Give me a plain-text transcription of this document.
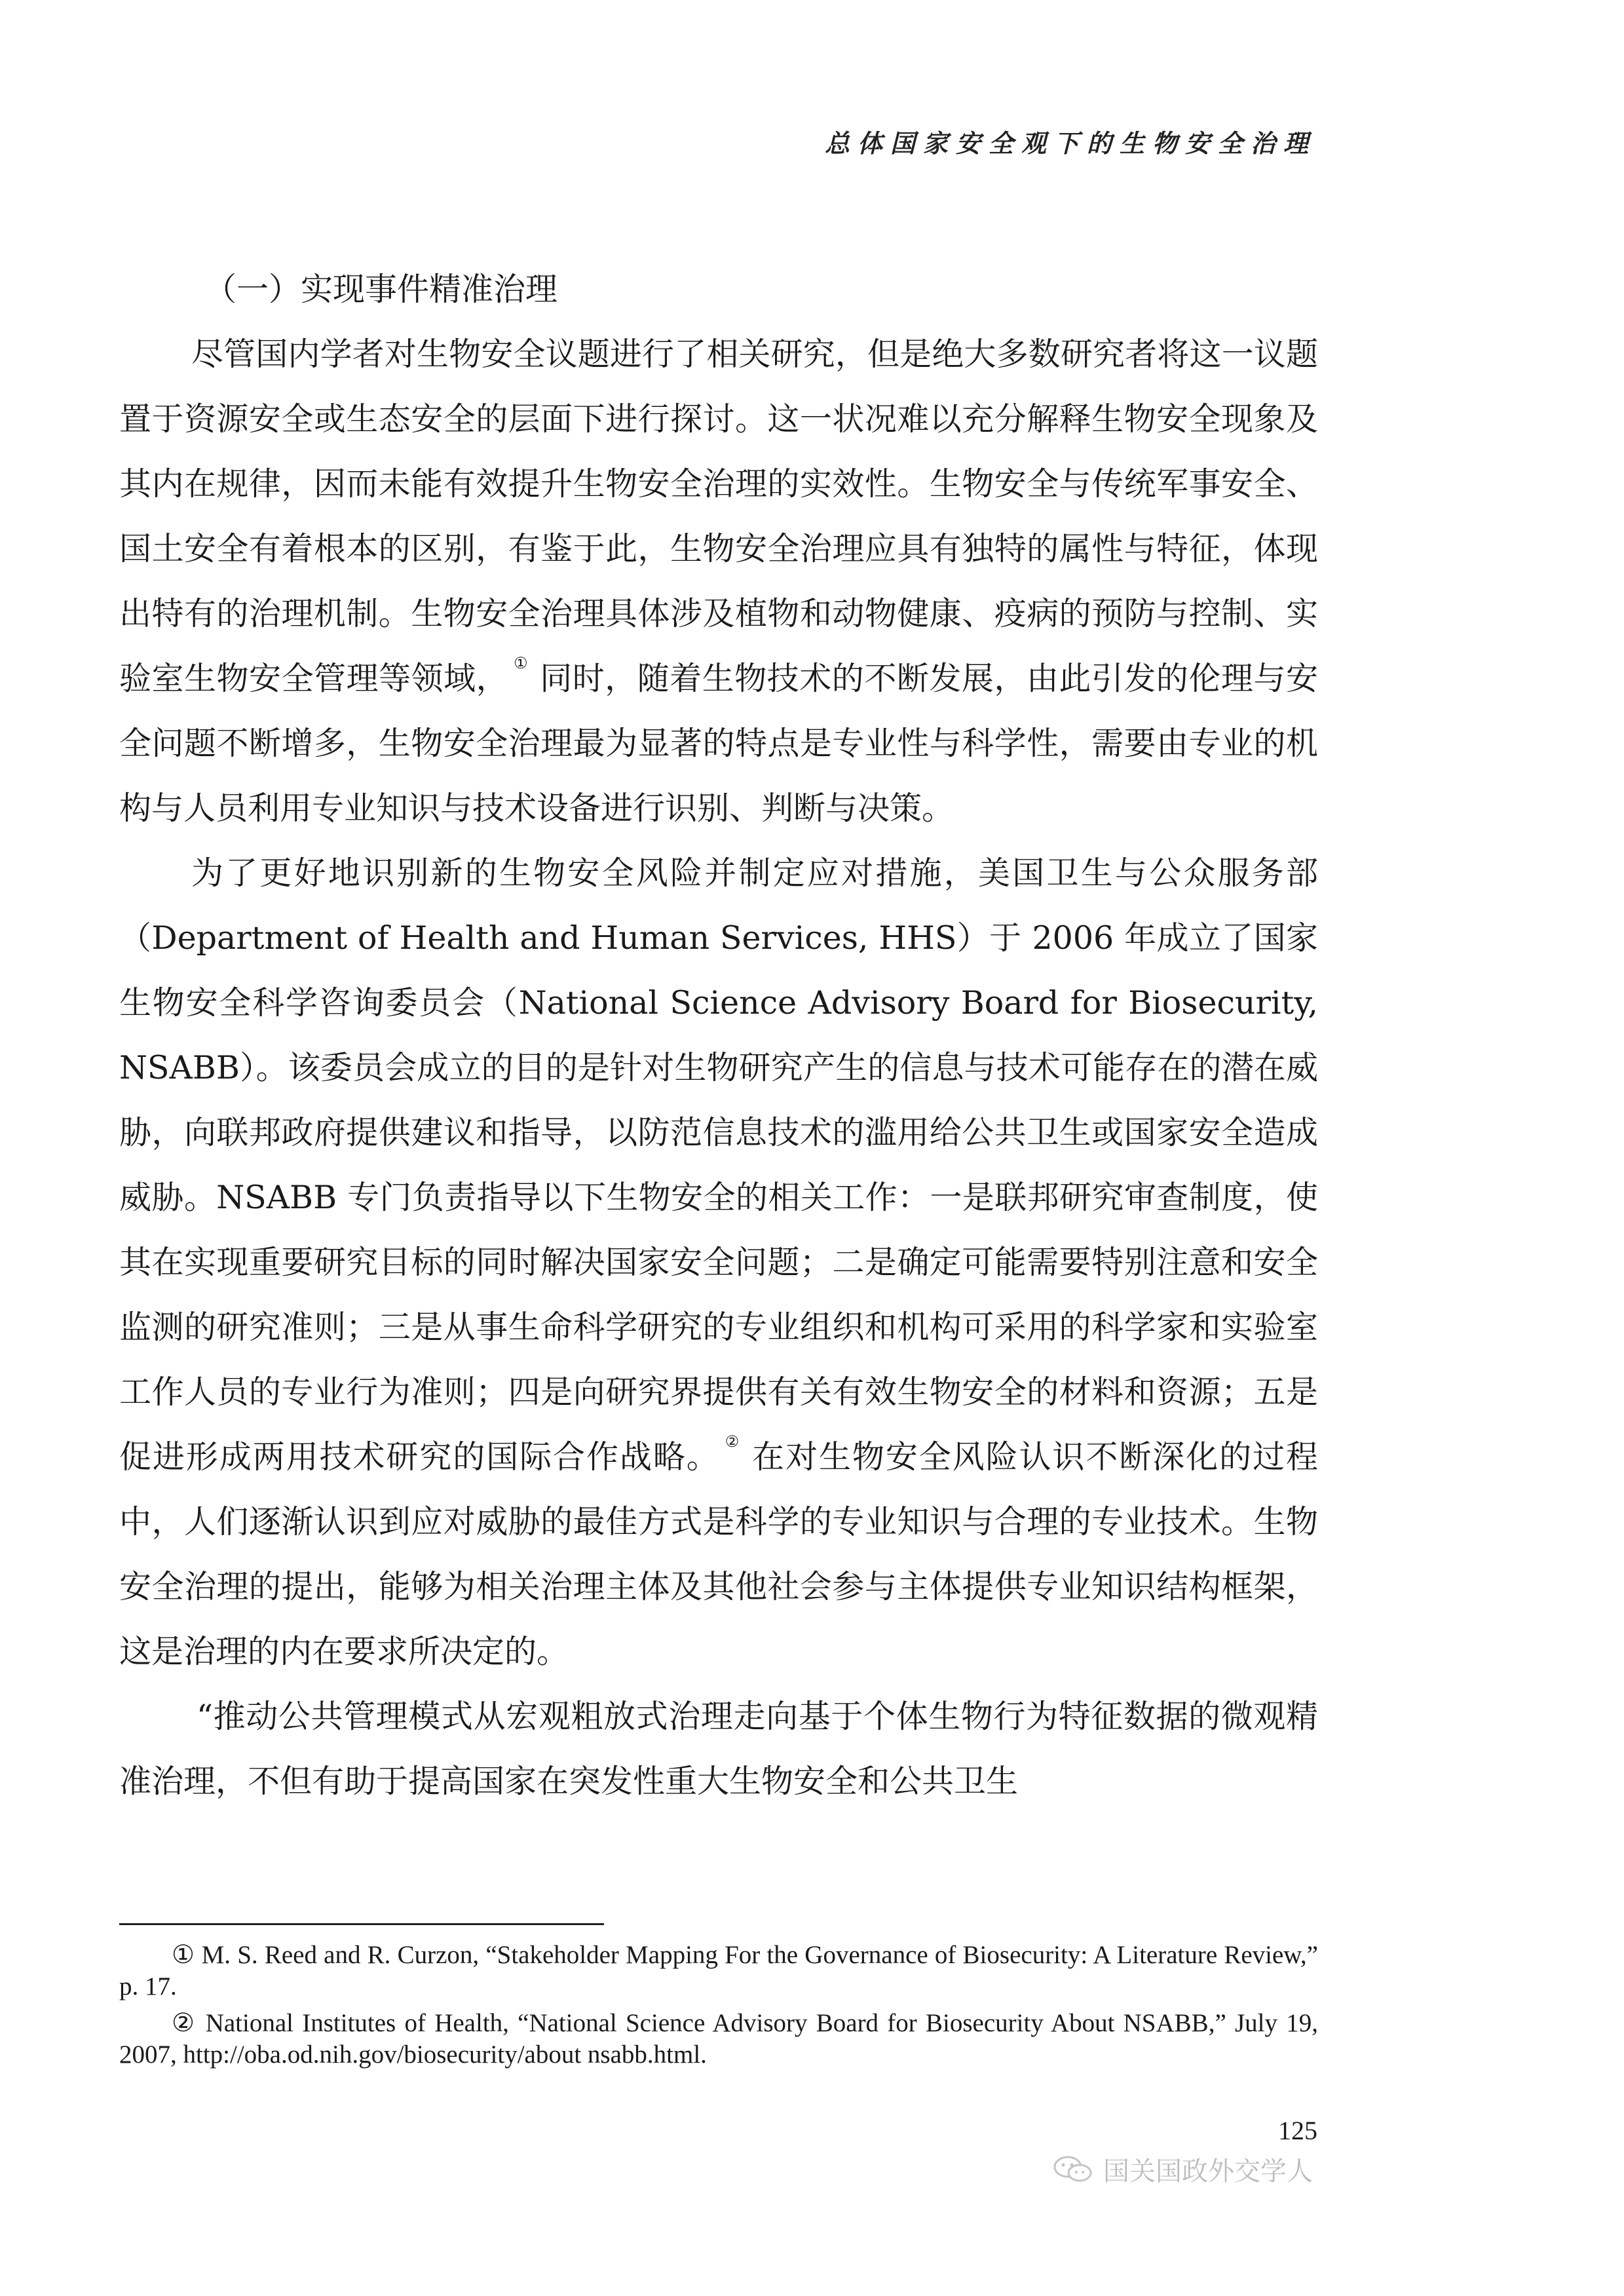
总体国家安全观下的生物安全治理

（一）实现事件精准治理

尽管国内学者对生物安全议题进行了相关研究，但是绝大多数研究者将这一议题置于资源安全或生态安全的层面下进行探讨。这一状况难以充分解释生物安全现象及其内在规律，因而未能有效提升生物安全治理的实效性。生物安全与传统军事安全、国土安全有着根本的区别，有鉴于此，生物安全治理应具有独特的属性与特征，体现出特有的治理机制。生物安全治理具体涉及植物和动物健康、疫病的预防与控制、实验室生物安全管理等领域， ① 同时，随着生物技术的不断发展，由此引发的伦理与安全问题不断增多，生物安全治理最为显著的特点是专业性与科学性，需要由专业的机构与人员利用专业知识与技术设备进行识别、判断与决策。

为了更好地识别新的生物安全风险并制定应对措施，美国卫生与公众服务部（Department of Health and Human Services, HHS）于 2006 年成立了国家生物安全科学咨询委员会（National Science Advisory Board for Biosecurity, NSABB）。该委员会成立的目的是针对生物研究产生的信息与技术可能存在的潜在威胁，向联邦政府提供建议和指导，以防范信息技术的滥用给公共卫生或国家安全造成威胁。NSABB 专门负责指导以下生物安全的相关工作：一是联邦研究审查制度，使其在实现重要研究目标的同时解决国家安全问题；二是确定可能需要特别注意和安全监测的研究准则；三是从事生命科学研究的专业组织和机构可采用的科学家和实验室工作人员的专业行为准则；四是向研究界提供有关有效生物安全的材料和资源；五是促进形成两用技术研究的国际合作战略。 ② 在对生物安全风险认识不断深化的过程中，人们逐渐认识到应对威胁的最佳方式是科学的专业知识与合理的专业技术。生物安全治理的提出，能够为相关治理主体及其他社会参与主体提供专业知识结构框架，这是治理的内在要求所决定的。

“推动公共管理模式从宏观粗放式治理走向基于个体生物行为特征数据的微观精准治理，不但有助于提高国家在突发性重大生物安全和公共卫生

① M. S. Reed and R. Curzon, “Stakeholder Mapping For the Governance of Biosecurity: A Literature Review,” p. 17.

② National Institutes of Health, “National Science Advisory Board for Biosecurity About NSABB,” July 19, 2007, http://oba.od.nih.gov/biosecurity/about nsabb.html.

125
国关国政外交学人
